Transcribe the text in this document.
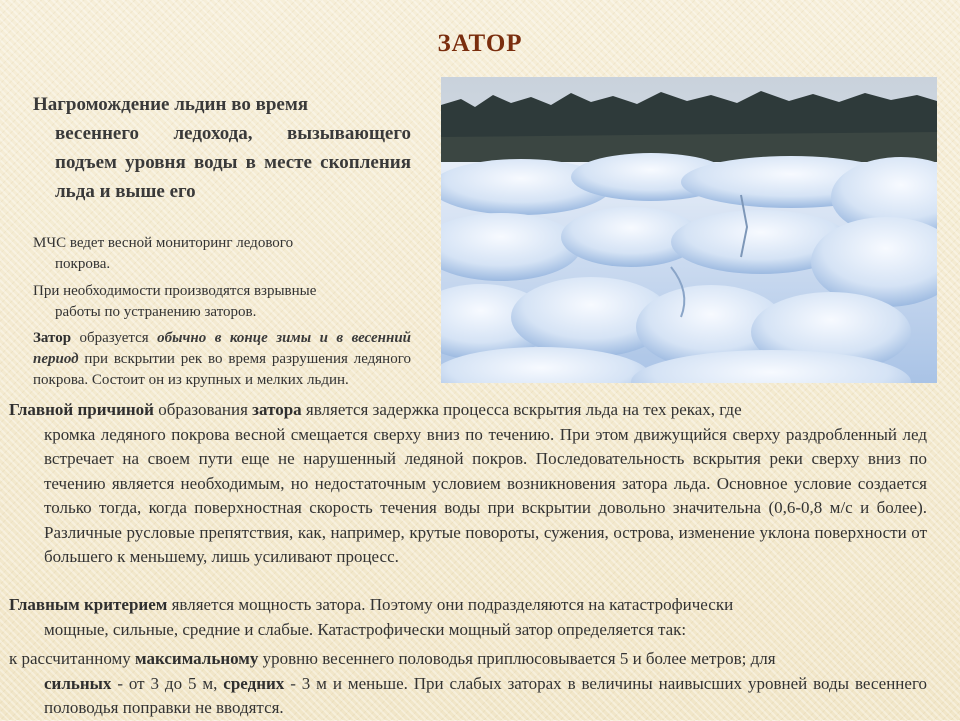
ЗАТОР
Нагромождение льдин во время
весеннего ледохода, вызывающего подъем уровня воды в месте скопления льда и выше его
МЧС ведет весной мониторинг ледового
покрова.
При необходимости производятся взрывные
работы по устранению заторов.
Затор образуется обычно в конце зимы и в весенний период при вскрытии рек во время разрушения ледяного покрова. Состоит он из крупных и мелких льдин.
Главной причиной образования затора является задержка процесса вскрытия льда на тех реках, где
кромка ледяного покрова весной смещается сверху вниз по течению. При этом движущийся сверху раздробленный лед встречает на своем пути еще не нарушенный ледяной покров. Последовательность вскрытия реки сверху вниз по течению является необходимым, но недостаточным условием возникновения затора льда. Основное условие создается только тогда, когда поверхностная скорость течения воды при вскрытии довольно значительна (0,6-0,8 м/с и более). Различные русловые препятствия, как, например, крутые повороты, сужения, острова, изменение уклона поверхности от большего к меньшему, лишь усиливают процесс.
Главным критерием является мощность затора. Поэтому они подразделяются на катастрофически
мощные, сильные, средние и слабые. Катастрофически мощный затор определяется так:
к рассчитанному максимальному уровню весеннего половодья приплюсовывается 5 и более метров; для
сильных - от 3 до 5 м, средних - 3 м и меньше. При слабых заторах в величины наивысших уровней воды весеннего половодья поправки не вводятся.
